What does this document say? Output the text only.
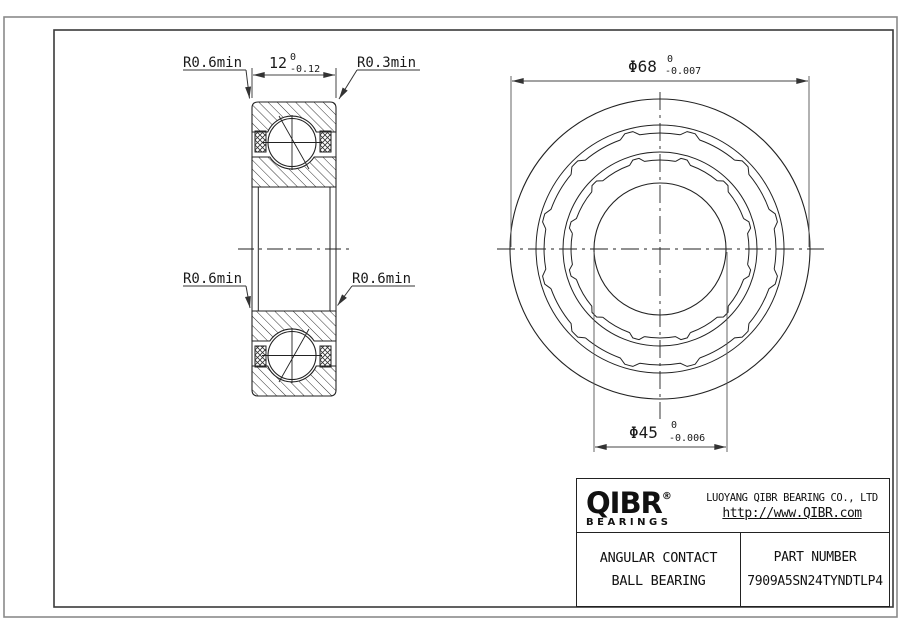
12 0
-0.12
R0.6min	R0.3min
R0.6min	R0.6min
Φ68 0
-0.007
Φ45 0
-0.006
QIBR®
BEARINGS
LUOYANG QIBR BEARING CO., LTD
http://www.QIBR.com
ANGULAR CONTACT
BALL BEARING
PART NUMBER
7909A5SN24TYNDTLP4
